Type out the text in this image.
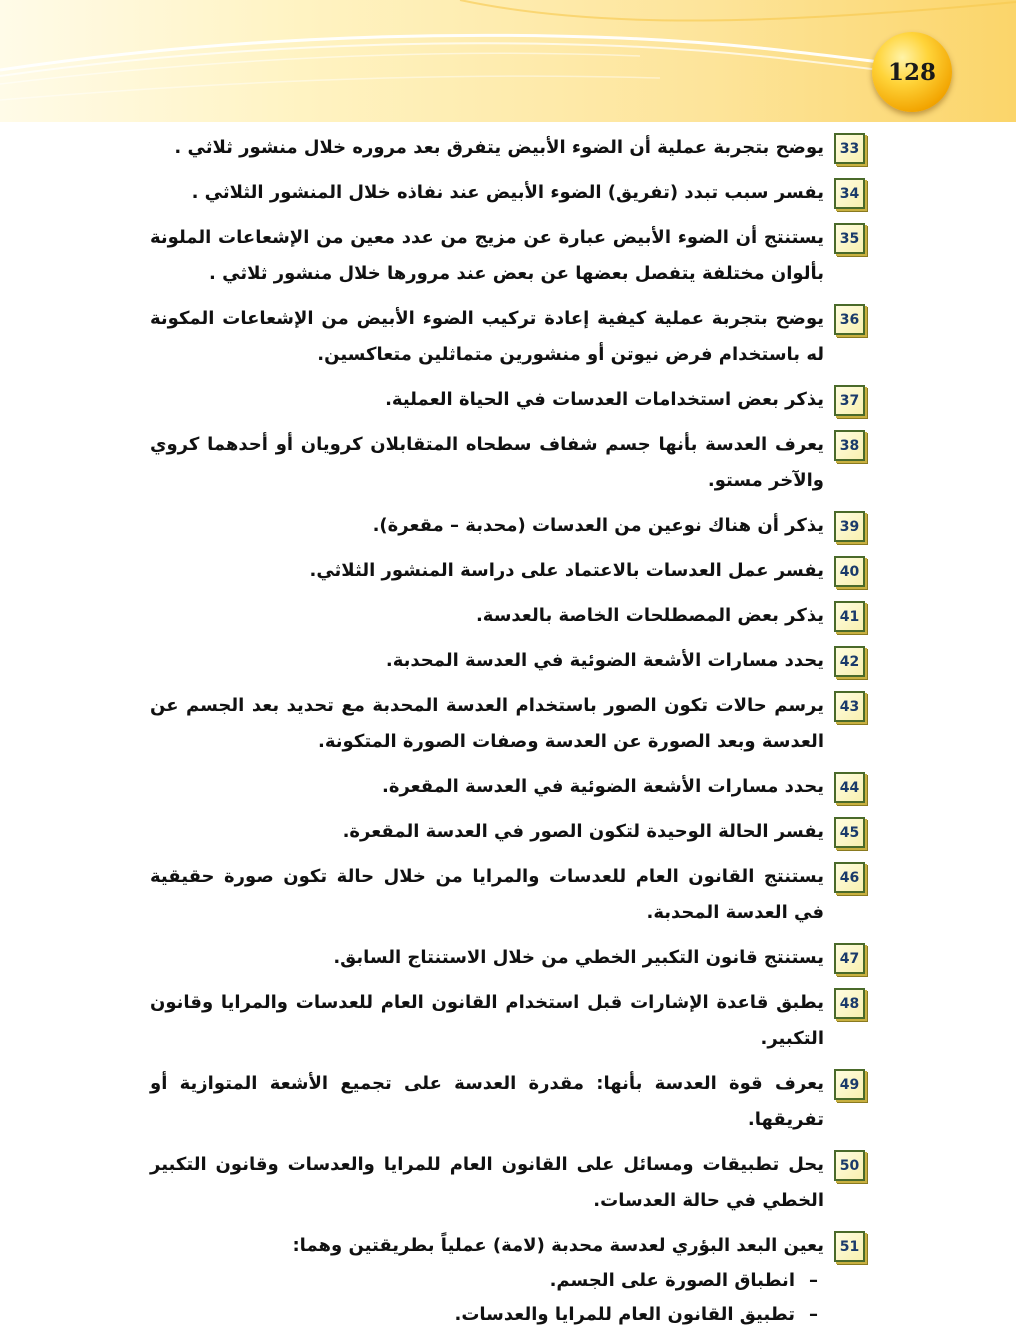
128
33
يوضح بتجربة عملية أن الضوء الأبيض يتفرق بعد مروره خلال منشور ثلاثي .
34
يفسر سبب تبدد (تفريق) الضوء الأبيض عند نفاذه خلال المنشور الثلاثي .
35
يستنتج أن الضوء الأبيض عبارة عن مزيج من عدد معين من الإشعاعات الملونة بألوان مختلفة يتفصل بعضها عن بعض عند مرورها خلال منشور ثلاثي .
36
يوضح بتجربة عملية كيفية إعادة تركيب الضوء الأبيض من الإشعاعات المكونة له باستخدام فرض نيوتن أو منشورين متماثلين متعاكسين.
37
يذكر بعض استخدامات العدسات في الحياة العملية.
38
يعرف العدسة بأنها جسم شفاف سطحاه المتقابلان كرويان أو أحدهما كروي والآخر مستو.
39
يذكر أن هناك نوعين من العدسات (محدبة – مقعرة).
40
يفسر عمل العدسات بالاعتماد على دراسة المنشور الثلاثي.
41
يذكر بعض المصطلحات الخاصة بالعدسة.
42
يحدد مسارات الأشعة الضوئية في العدسة المحدبة.
43
يرسم حالات تكون الصور باستخدام العدسة المحدبة مع تحديد بعد الجسم عن العدسة وبعد الصورة عن العدسة وصفات الصورة المتكونة.
44
يحدد مسارات الأشعة الضوئية في العدسة المقعرة.
45
يفسر الحالة الوحيدة لتكون الصور في العدسة المقعرة.
46
يستنتج القانون العام للعدسات والمرايا من خلال حالة تكون صورة حقيقية في العدسة المحدبة.
47
يستنتج قانون التكبير الخطي من خلال الاستنتاج السابق.
48
يطبق قاعدة الإشارات قبل استخدام القانون العام للعدسات والمرايا وقانون التكبير.
49
يعرف قوة العدسة بأنها: مقدرة العدسة على تجميع الأشعة المتوازية أو تفريقها.
50
يحل تطبيقات ومسائل على القانون العام للمرايا والعدسات وقانون التكبير الخطي في حالة العدسات.
51
يعين البعد البؤري لعدسة محدبة (لامة) عملياً بطريقتين وهما:
–انطباق الصورة على الجسم.
–تطبيق القانون العام للمرايا والعدسات.
